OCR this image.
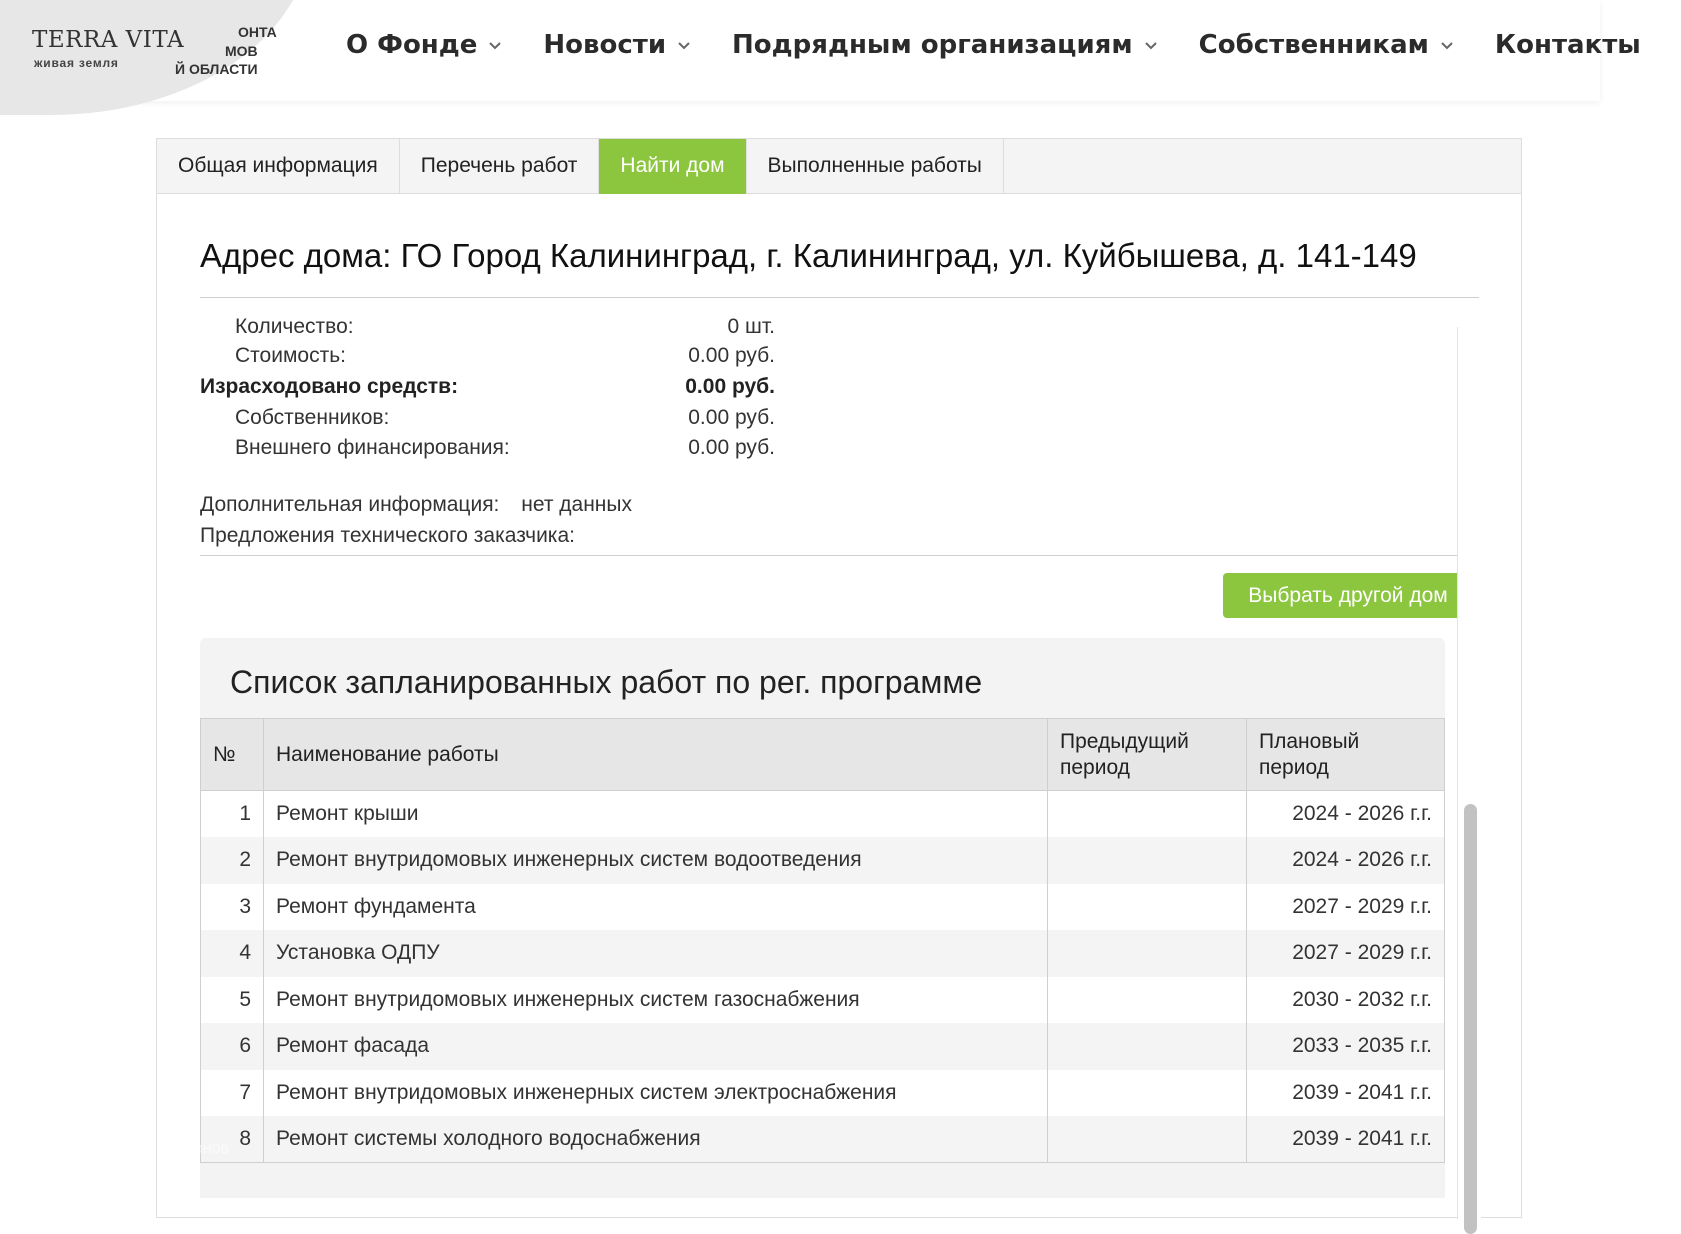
TERRA VITA
живая земля
ОНТА
МОВ
Й ОБЛАСТИ
О Фонде	Новости	Подрядным организациям	Собственникам	Контакты
Общая информация	Перечень работ	Найти дом	Выполненные работы
Адрес дома: ГО Город Калининград, г. Калининград, ул. Куйбышева, д. 141-149
Количество:	0 шт.
Стоимость:	0.00 руб.
Израсходовано средств:	0.00 руб.
Собственников:	0.00 руб.
Внешнего финансирования:	0.00 руб.
Дополнительная информация: нет данных
Предложения технического заказчика:
Выбрать другой дом
Список запланированных работ по рег. программе
№	Наименование работы	Предыдущий период	Плановый период
1	Ремонт крыши		2024 - 2026 г.г.
2	Ремонт внутридомовых инженерных систем водоотведения		2024 - 2026 г.г.
3	Ремонт фундамента		2027 - 2029 г.г.
4	Установка ОДПУ		2027 - 2029 г.г.
5	Ремонт внутридомовых инженерных систем газоснабжения		2030 - 2032 г.г.
6	Ремонт фасада		2033 - 2035 г.г.
7	Ремонт внутридомовых инженерных систем электроснабжения		2039 - 2041 г.г.
8	Ремонт системы холодного водоснабжения		2039 - 2041 г.г.
и регионов
